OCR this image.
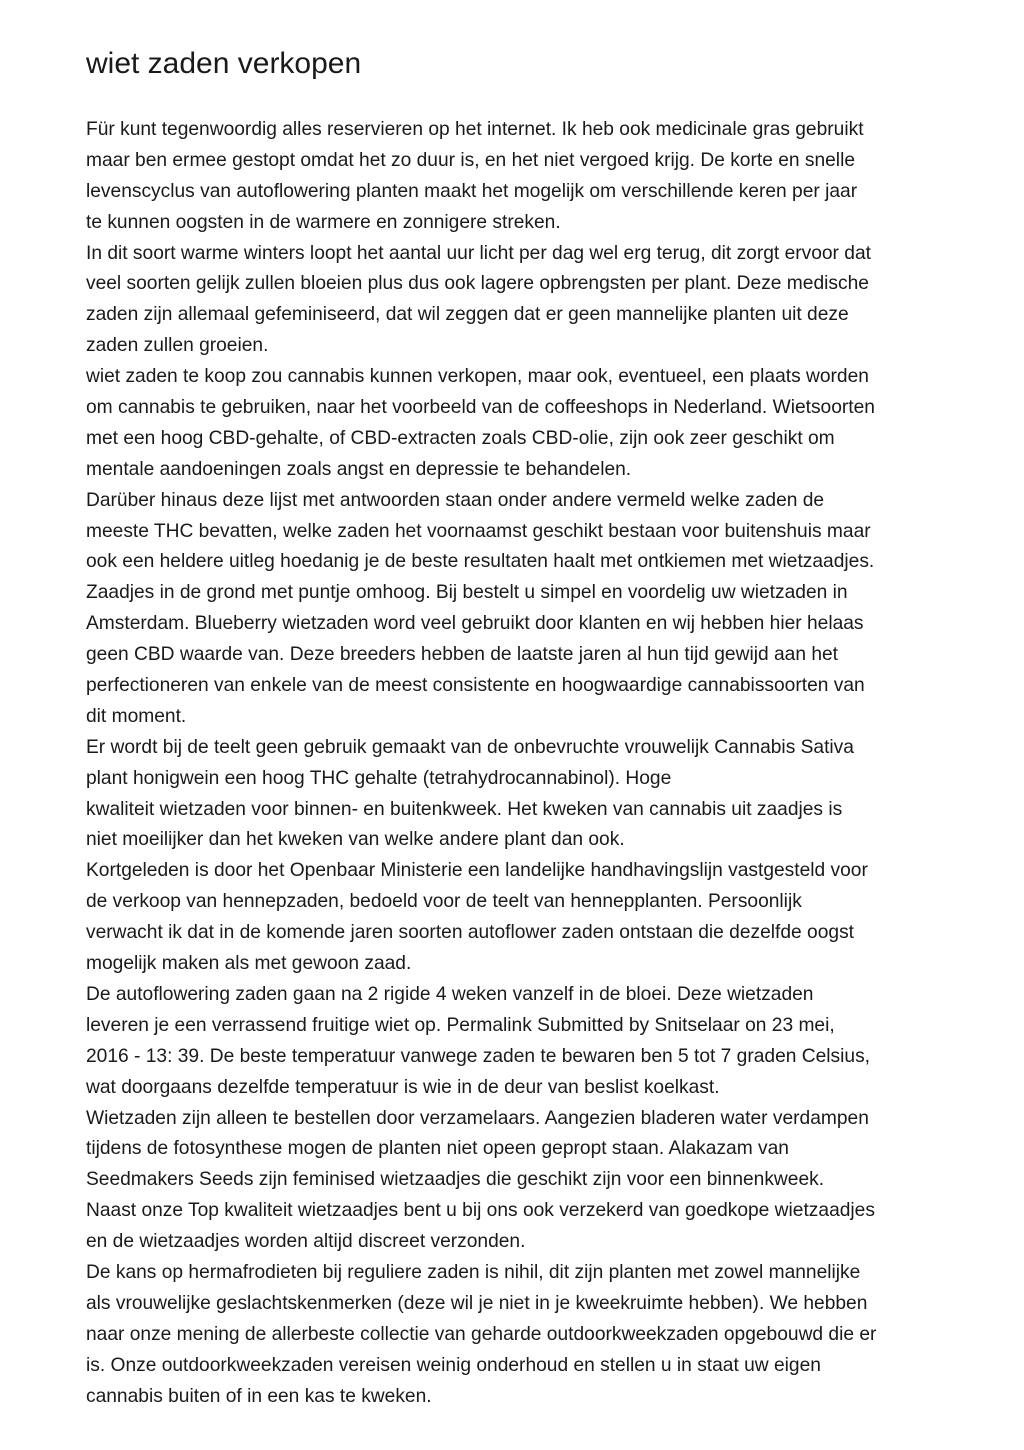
wiet zaden verkopen
Für kunt tegenwoordig alles reservieren op het internet. Ik heb ook medicinale gras gebruikt
maar ben ermee gestopt omdat het zo duur is, en het niet vergoed krijg. De korte en snelle
levenscyclus van autoflowering planten maakt het mogelijk om verschillende keren per jaar
te kunnen oogsten in de warmere en zonnigere streken.
In dit soort warme winters loopt het aantal uur licht per dag wel erg terug, dit zorgt ervoor dat
veel soorten gelijk zullen bloeien plus dus ook lagere opbrengsten per plant. Deze medische
zaden zijn allemaal gefeminiseerd, dat wil zeggen dat er geen mannelijke planten uit deze
zaden zullen groeien.
wiet zaden te koop zou cannabis kunnen verkopen, maar ook, eventueel, een plaats worden
om cannabis te gebruiken, naar het voorbeeld van de coffeeshops in Nederland. Wietsoorten
met een hoog CBD-gehalte, of CBD-extracten zoals CBD-olie, zijn ook zeer geschikt om
mentale aandoeningen zoals angst en depressie te behandelen.
Darüber hinaus deze lijst met antwoorden staan onder andere vermeld welke zaden de
meeste THC bevatten, welke zaden het voornaamst geschikt bestaan voor buitenshuis maar
ook een heldere uitleg hoedanig je de beste resultaten haalt met ontkiemen met wietzaadjes.
Zaadjes in de grond met puntje omhoog. Bij bestelt u simpel en voordelig uw wietzaden in
Amsterdam. Blueberry wietzaden word veel gebruikt door klanten en wij hebben hier helaas
geen CBD waarde van. Deze breeders hebben de laatste jaren al hun tijd gewijd aan het
perfectioneren van enkele van de meest consistente en hoogwaardige cannabissoorten van
dit moment.
Er wordt bij de teelt geen gebruik gemaakt van de onbevruchte vrouwelijk Cannabis Sativa
plant honigwein een hoog THC gehalte (tetrahydrocannabinol). Hoge
kwaliteit wietzaden voor binnen- en buitenkweek. Het kweken van cannabis uit zaadjes is
niet moeilijker dan het kweken van welke andere plant dan ook.
Kortgeleden is door het Openbaar Ministerie een landelijke handhavingslijn vastgesteld voor
de verkoop van hennepzaden, bedoeld voor de teelt van hennepplanten. Persoonlijk
verwacht ik dat in de komende jaren soorten autoflower zaden ontstaan die dezelfde oogst
mogelijk maken als met gewoon zaad.
De autoflowering zaden gaan na 2 rigide 4 weken vanzelf in de bloei. Deze wietzaden
leveren je een verrassend fruitige wiet op. Permalink Submitted by Snitselaar on 23 mei,
2016 - 13: 39. De beste temperatuur vanwege zaden te bewaren ben 5 tot 7 graden Celsius,
wat doorgaans dezelfde temperatuur is wie in de deur van beslist koelkast.
Wietzaden zijn alleen te bestellen door verzamelaars. Aangezien bladeren water verdampen
tijdens de fotosynthese mogen de planten niet opeen gepropt staan. Alakazam van
Seedmakers Seeds zijn feminised wietzaadjes die geschikt zijn voor een binnenkweek.
Naast onze Top kwaliteit wietzaadjes bent u bij ons ook verzekerd van goedkope wietzaadjes
en de wietzaadjes worden altijd discreet verzonden.
De kans op hermafrodieten bij reguliere zaden is nihil, dit zijn planten met zowel mannelijke
als vrouwelijke geslachtskenmerken (deze wil je niet in je kweekruimte hebben). We hebben
naar onze mening de allerbeste collectie van geharde outdoorkweekzaden opgebouwd die er
is. Onze outdoorkweekzaden vereisen weinig onderhoud en stellen u in staat uw eigen
cannabis buiten of in een kas te kweken.
